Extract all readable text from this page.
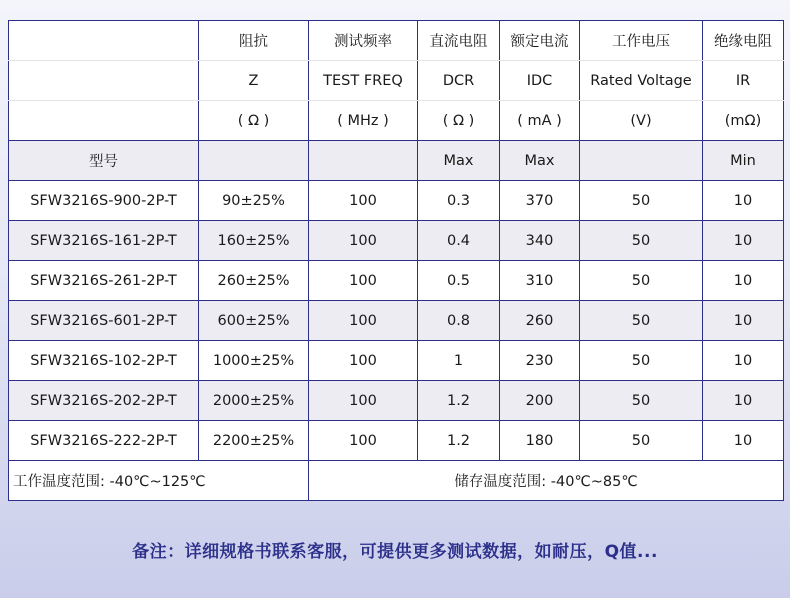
	阻抗	测试频率	直流电阻	额定电流	工作电压	绝缘电阻
	Z	TEST FREQ	DCR	IDC	Rated Voltage	IR
	( Ω )	( MHz )	( Ω )	( mA )	(V)	(mΩ)
型号			Max	Max		Min
SFW3216S-900-2P-T	90±25%	100	0.3	370	50	10
SFW3216S-161-2P-T	160±25%	100	0.4	340	50	10
SFW3216S-261-2P-T	260±25%	100	0.5	310	50	10
SFW3216S-601-2P-T	600±25%	100	0.8	260	50	10
SFW3216S-102-2P-T	1000±25%	100	1	230	50	10
SFW3216S-202-2P-T	2000±25%	100	1.2	200	50	10
SFW3216S-222-2P-T	2200±25%	100	1.2	180	50	10
工作温度范围: -40℃~125℃		储存温度范围: -40℃~85℃				
备注：详细规格书联系客服，可提供更多测试数据，如耐压，Q值...
